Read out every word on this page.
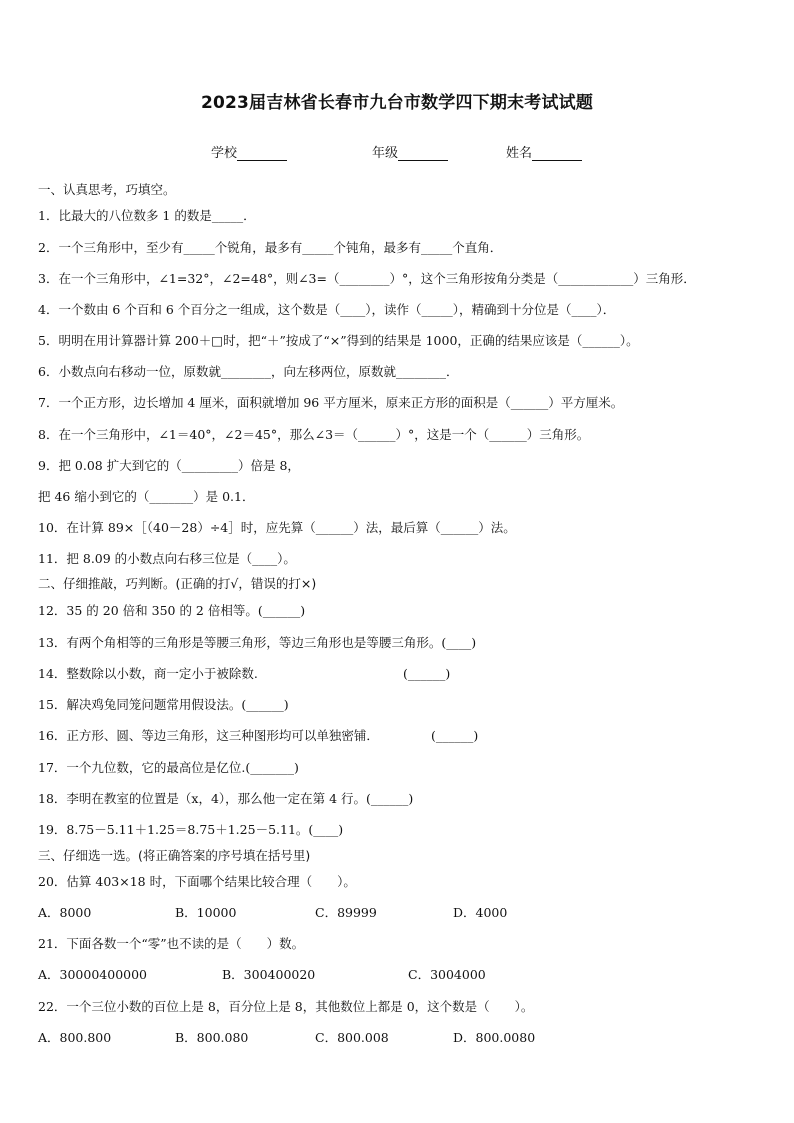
2023届吉林省长春市九台市数学四下期末考试试题
学校	年级	姓名
一、认真思考，巧填空。
1．比最大的八位数多 1 的数是_____．
2．一个三角形中，至少有_____个锐角，最多有_____个钝角，最多有_____个直角．
3．在一个三角形中，∠1=32°，∠2=48°，则∠3=（________）°，这个三角形按角分类是（____________）三角形．
4．一个数由 6 个百和 6 个百分之一组成，这个数是（____），读作（_____），精确到十分位是（____）．
5．明明在用计算器计算 200＋□时，把“＋”按成了“×”得到的结果是 1000，正确的结果应该是（______）。
6．小数点向右移动一位，原数就________，向左移两位，原数就________．
7．一个正方形，边长增加 4 厘米，面积就增加 96 平方厘米，原来正方形的面积是（______）平方厘米。
8．在一个三角形中，∠1＝40°，∠2＝45°，那么∠3＝（______）°，这是一个（______）三角形。
9．把 0.08 扩大到它的（_________）倍是 8，
把 46 缩小到它的（_______）是 0.1．
10．在计算 89×［（40－28）÷4］时，应先算（______）法，最后算（______）法。
11．把 8.09 的小数点向右移三位是（____）。
二、仔细推敲，巧判断。(正确的打√，错误的打×)
12．35 的 20 倍和 350 的 2 倍相等。(______)
13．有两个角相等的三角形是等腰三角形，等边三角形也是等腰三角形。(____)
14．整数除以小数，商一定小于被除数.	(______)
15．解决鸡兔同笼问题常用假设法。(______)
16．正方形、圆、等边三角形，这三种图形均可以单独密铺．	(______)
17．一个九位数，它的最高位是亿位.(_______)
18．李明在教室的位置是（x，4），那么他一定在第 4 行。(______)
19．8.75－5.11＋1.25＝8.75＋1.25－5.11。(____)
三、仔细选一选。(将正确答案的序号填在括号里)
20．估算 403×18 时，下面哪个结果比较合理（　　）。
A．8000	B．10000	C．89999	D．4000
21．下面各数一个“零”也不读的是（　　）数。
A．30000400000	B．300400020	C．3004000
22．一个三位小数的百位上是 8，百分位上是 8，其他数位上都是 0，这个数是（　　）。
A．800.800	B．800.080	C．800.008	D．800.0080
